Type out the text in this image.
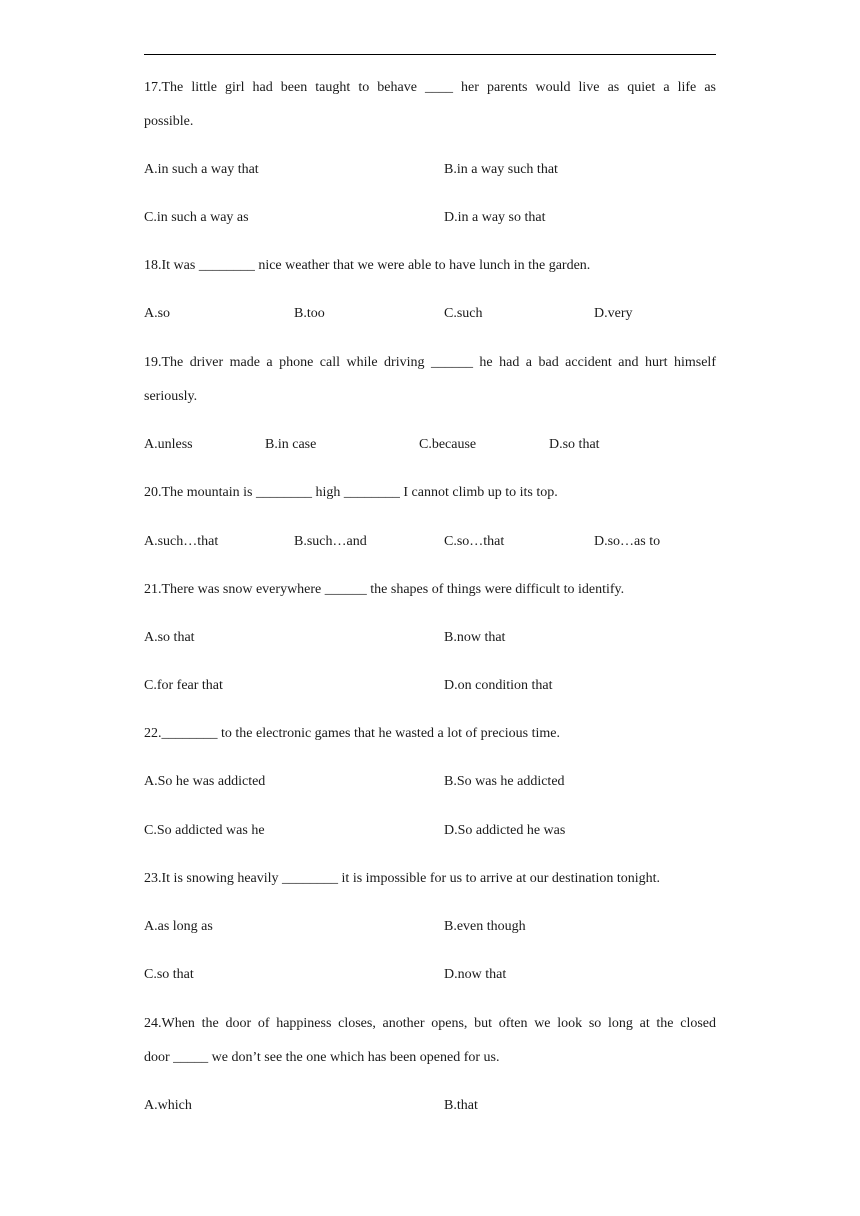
17.The little girl had been taught to behave ____ her parents would live as quiet a life as
possible.
A.in such a way that	B.in a way such that
C.in such a way as	D.in a way so that
18.It was ________ nice weather that we were able to have lunch in the garden.
A.so	B.too	C.such	D.very
19.The driver made a phone call while driving ______ he had a bad accident and hurt himself
seriously.
A.unless	B.in case	C.because	D.so that
20.The mountain is ________ high ________ I cannot climb up to its top.
A.such…that	B.such…and	C.so…that	D.so…as to
21.There was snow everywhere ______ the shapes of things were difficult to identify.
A.so that	B.now that
C.for fear that	D.on condition that
22.________ to the electronic games that he wasted a lot of precious time.
A.So he was addicted	B.So was he addicted
C.So addicted was he	D.So addicted he was
23.It is snowing heavily ________ it is impossible for us to arrive at our destination tonight.
A.as long as	B.even though
C.so that	D.now that
24.When the door of happiness closes, another opens, but often we look so long at the closed
door _____ we don’t see the one which has been opened for us.
A.which	B.that
